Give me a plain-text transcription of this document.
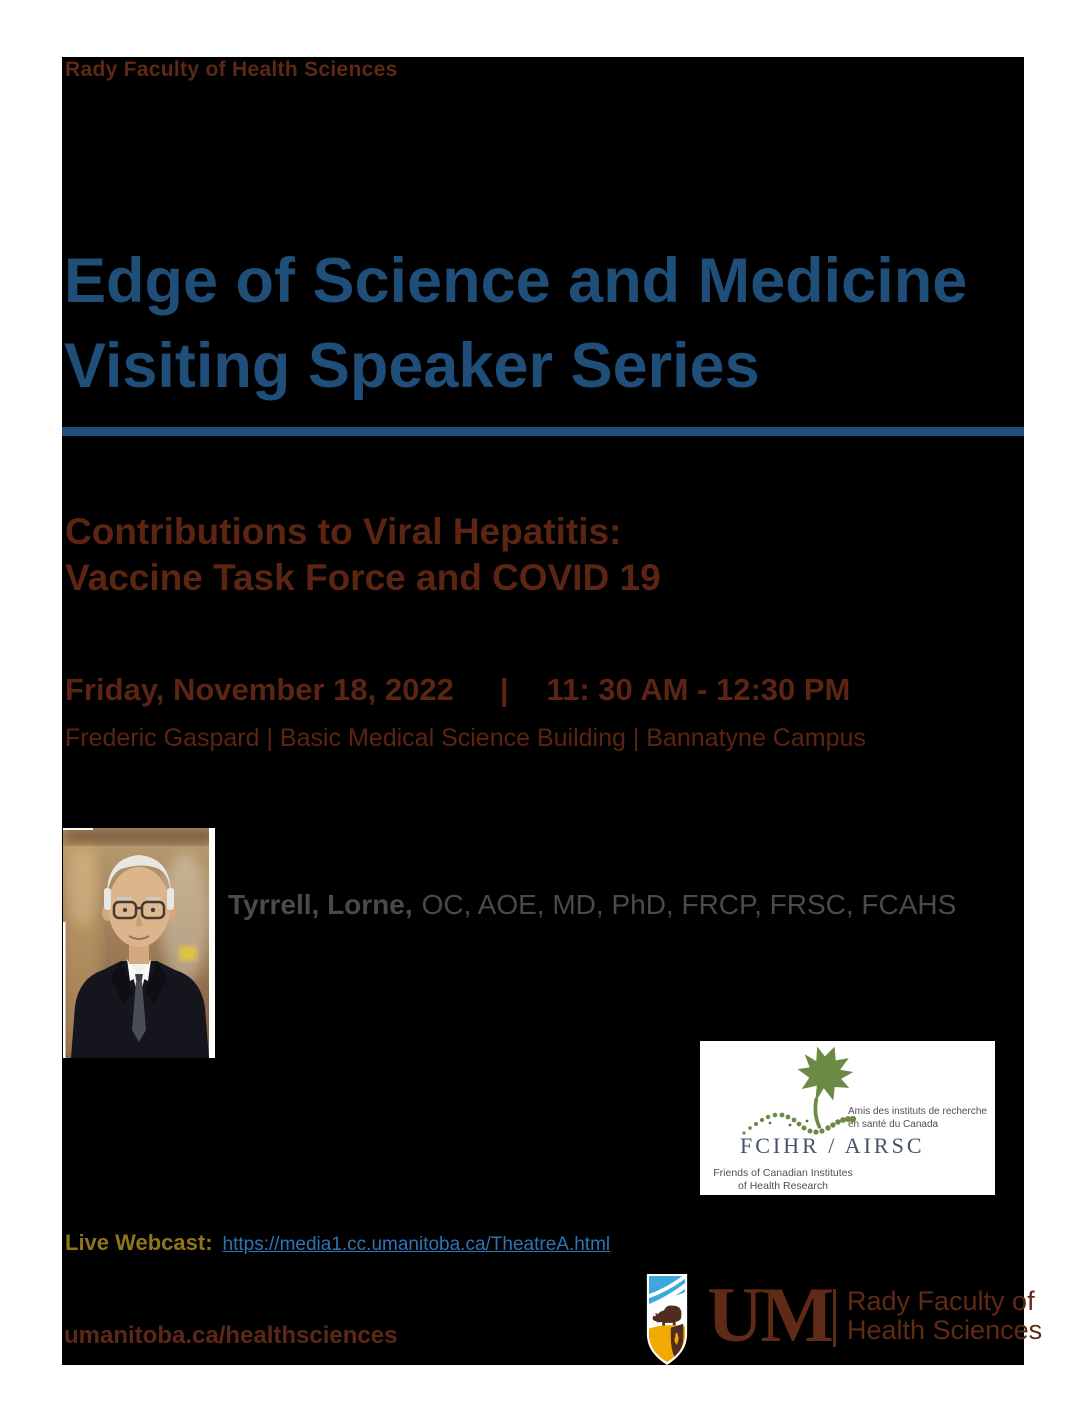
Rady Faculty of Health Sciences
Edge of Science and Medicine
Visiting Speaker Series
Contributions to Viral Hepatitis:
Vaccine Task Force and COVID 19
Friday, November 18, 2022 | 11: 30 AM - 12:30 PM
Frederic Gaspard | Basic Medical Science Building | Bannatyne Campus
Tyrrell, Lorne, OC, AOE, MD, PhD, FRCP, FRSC, FCAHS
Amis des instituts de recherche
en santé du Canada
FCIHR / AIRSC
Friends of Canadian Institutes
of Health Research
Live Webcast: https://media1.cc.umanitoba.ca/TheatreA.html
umanitoba.ca/healthsciences	UM Rady Faculty of
Health Sciences
